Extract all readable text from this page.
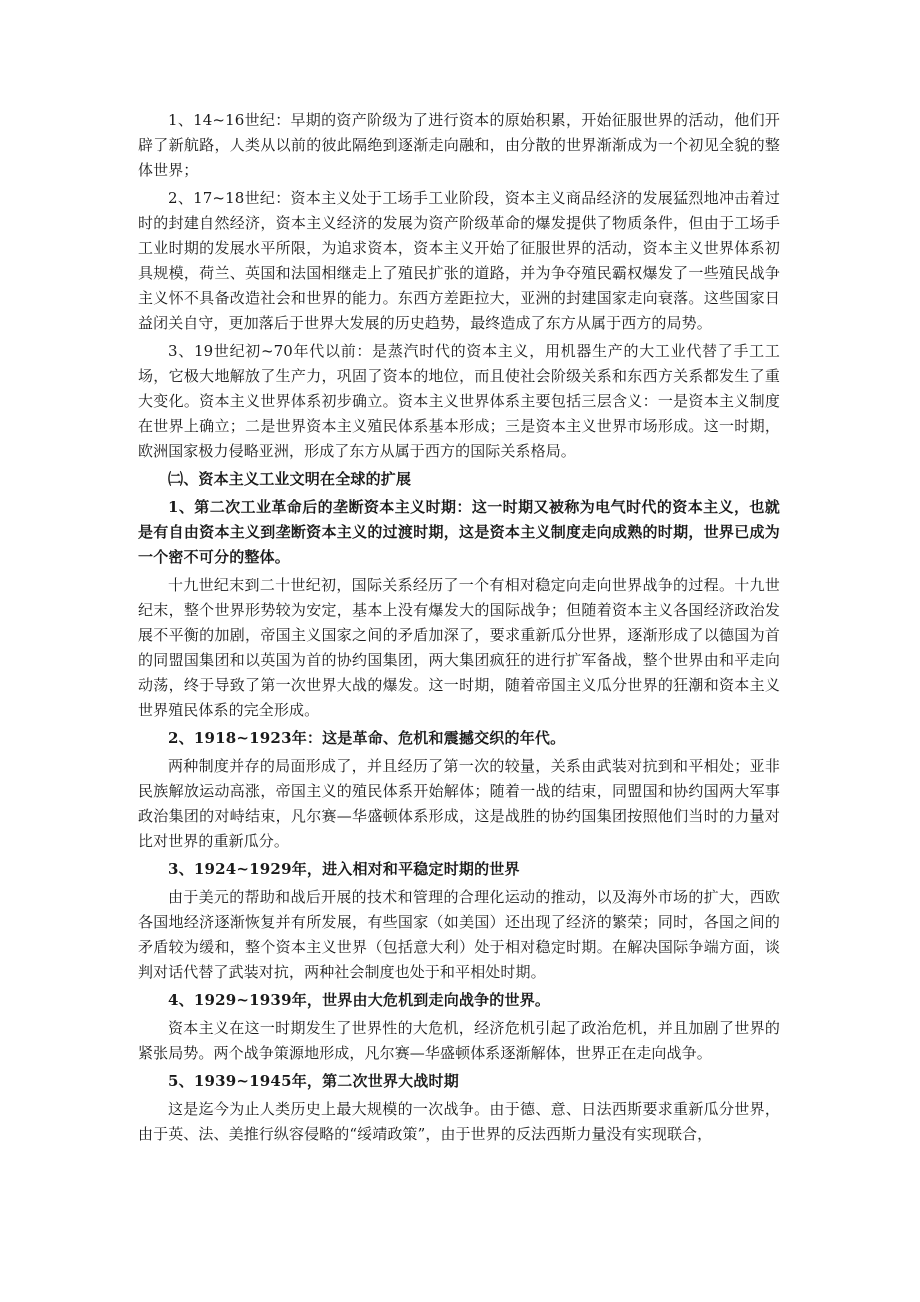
1、14~16世纪：早期的资产阶级为了进行资本的原始积累，开始征服世界的活动，他们开辟了新航路，人类从以前的彼此隔绝到逐渐走向融和，由分散的世界渐渐成为一个初见全貌的整体世界；

2、17~18世纪：资本主义处于工场手工业阶段，资本主义商品经济的发展猛烈地冲击着过时的封建自然经济，资本主义经济的发展为资产阶级革命的爆发提供了物质条件，但由于工场手工业时期的发展水平所限，为追求资本，资本主义开始了征服世界的活动，资本主义世界体系初具规模，荷兰、英国和法国相继走上了殖民扩张的道路，并为争夺殖民霸权爆发了一些殖民战争主义怀不具备改造社会和世界的能力。东西方差距拉大，亚洲的封建国家走向衰落。这些国家日益闭关自守，更加落后于世界大发展的历史趋势，最终造成了东方从属于西方的局势。

3、19世纪初~70年代以前：是蒸汽时代的资本主义，用机器生产的大工业代替了手工工场，它极大地解放了生产力，巩固了资本的地位，而且使社会阶级关系和东西方关系都发生了重大变化。资本主义世界体系初步确立。资本主义世界体系主要包括三层含义：一是资本主义制度在世界上确立；二是世界资本主义殖民体系基本形成；三是资本主义世界市场形成。这一时期，欧洲国家极力侵略亚洲，形成了东方从属于西方的国际关系格局。

㈡、资本主义工业文明在全球的扩展

1、第二次工业革命后的垄断资本主义时期：这一时期又被称为电气时代的资本主义，也就是有自由资本主义到垄断资本主义的过渡时期，这是资本主义制度走向成熟的时期，世界已成为一个密不可分的整体。

十九世纪末到二十世纪初，国际关系经历了一个有相对稳定向走向世界战争的过程。十九世纪末，整个世界形势较为安定，基本上没有爆发大的国际战争；但随着资本主义各国经济政治发展不平衡的加剧，帝国主义国家之间的矛盾加深了，要求重新瓜分世界，逐渐形成了以德国为首的同盟国集团和以英国为首的协约国集团，两大集团疯狂的进行扩军备战，整个世界由和平走向动荡，终于导致了第一次世界大战的爆发。这一时期，随着帝国主义瓜分世界的狂潮和资本主义世界殖民体系的完全形成。

2、1918~1923年：这是革命、危机和震撼交织的年代。

两种制度并存的局面形成了，并且经历了第一次的较量，关系由武装对抗到和平相处；亚非民族解放运动高涨，帝国主义的殖民体系开始解体；随着一战的结束，同盟国和协约国两大军事政治集团的对峙结束，凡尔赛—华盛顿体系形成，这是战胜的协约国集团按照他们当时的力量对比对世界的重新瓜分。

3、1924~1929年，进入相对和平稳定时期的世界

由于美元的帮助和战后开展的技术和管理的合理化运动的推动，以及海外市场的扩大，西欧各国地经济逐渐恢复并有所发展，有些国家（如美国）还出现了经济的繁荣；同时，各国之间的矛盾较为缓和，整个资本主义世界（包括意大利）处于相对稳定时期。在解决国际争端方面，谈判对话代替了武装对抗，两种社会制度也处于和平相处时期。

4、1929~1939年，世界由大危机到走向战争的世界。

资本主义在这一时期发生了世界性的大危机，经济危机引起了政治危机，并且加剧了世界的紧张局势。两个战争策源地形成，凡尔赛—华盛顿体系逐渐解体，世界正在走向战争。

5、1939~1945年，第二次世界大战时期

这是迄今为止人类历史上最大规模的一次战争。由于德、意、日法西斯要求重新瓜分世界，由于英、法、美推行纵容侵略的“绥靖政策”，由于世界的反法西斯力量没有实现联合，
